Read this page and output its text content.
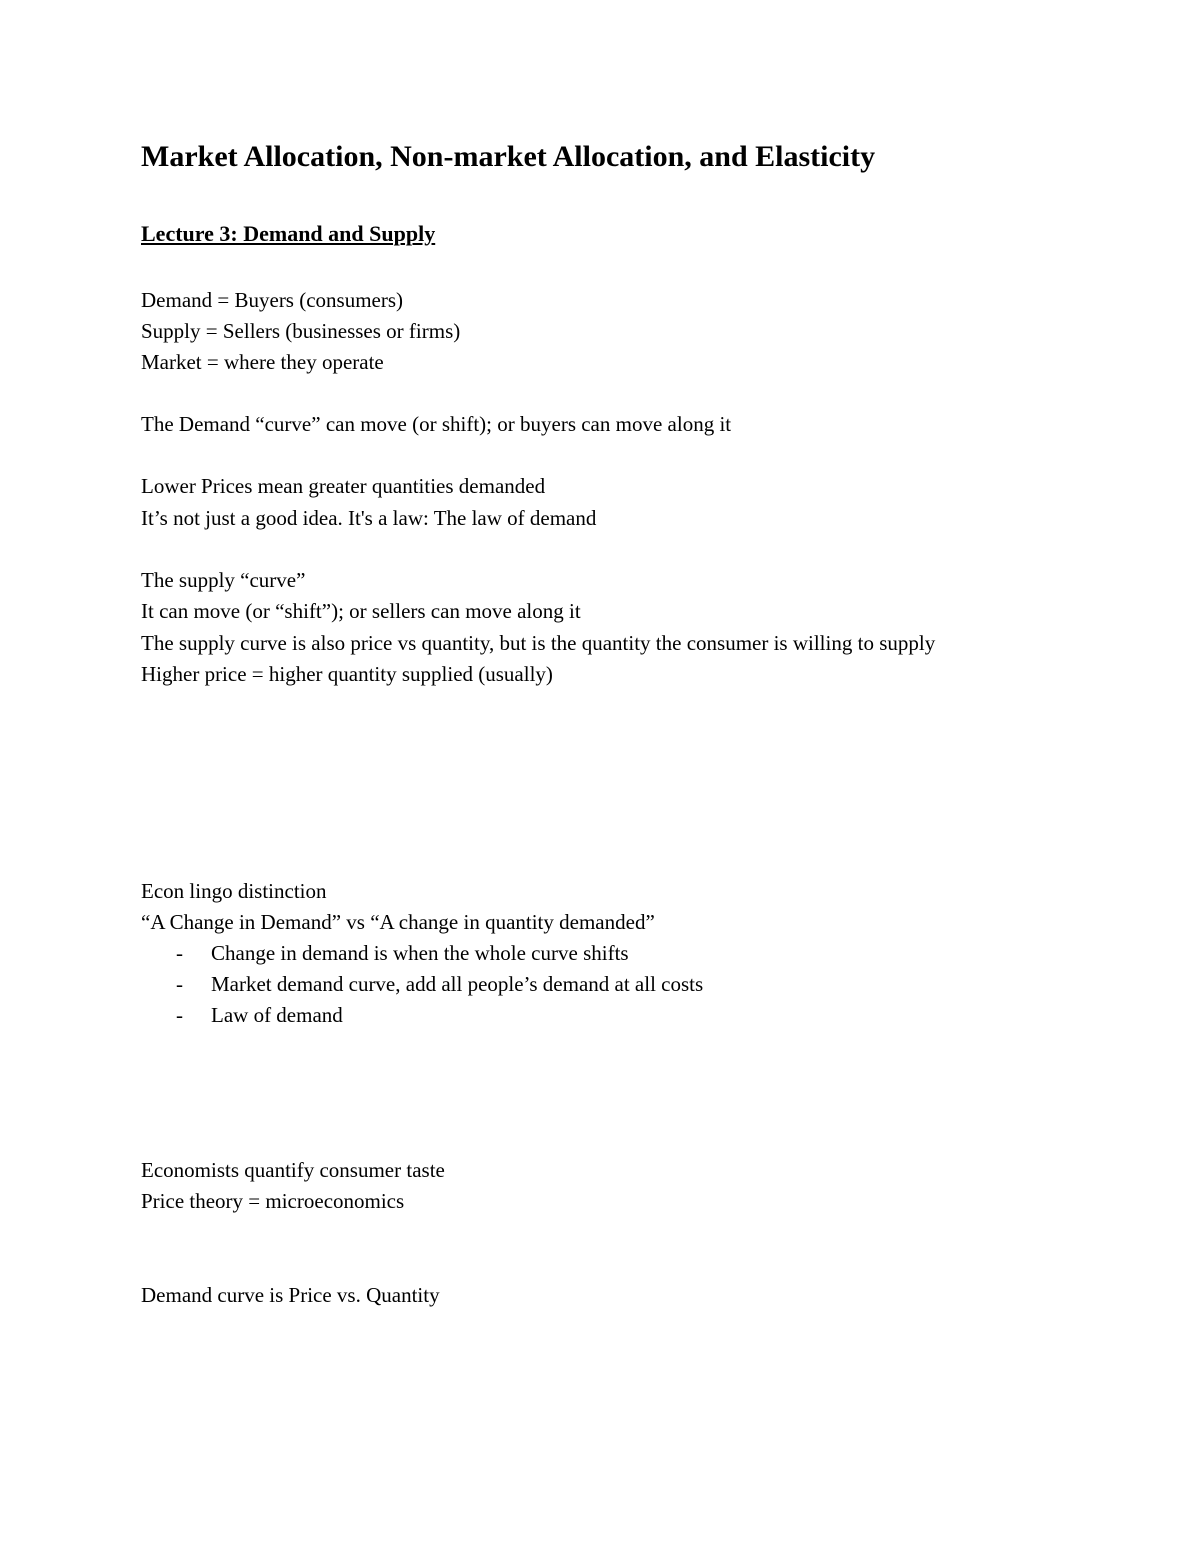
Market Allocation, Non-market Allocation, and Elasticity
Lecture 3: Demand and Supply
Demand = Buyers (consumers)
Supply = Sellers (businesses or firms)
Market = where they operate
The Demand “curve” can move (or shift); or buyers can move along it
Lower Prices mean greater quantities demanded
It’s not just a good idea. It's a law: The law of demand
The supply “curve”
It can move (or “shift”); or sellers can move along it
The supply curve is also price vs quantity, but is the quantity the consumer is willing to supply
Higher price = higher quantity supplied (usually)
Econ lingo distinction
“A Change in Demand” vs “A change in quantity demanded”
- Change in demand is when the whole curve shifts
- Market demand curve, add all people’s demand at all costs
- Law of demand
Economists quantify consumer taste
Price theory = microeconomics
Demand curve is Price vs. Quantity
